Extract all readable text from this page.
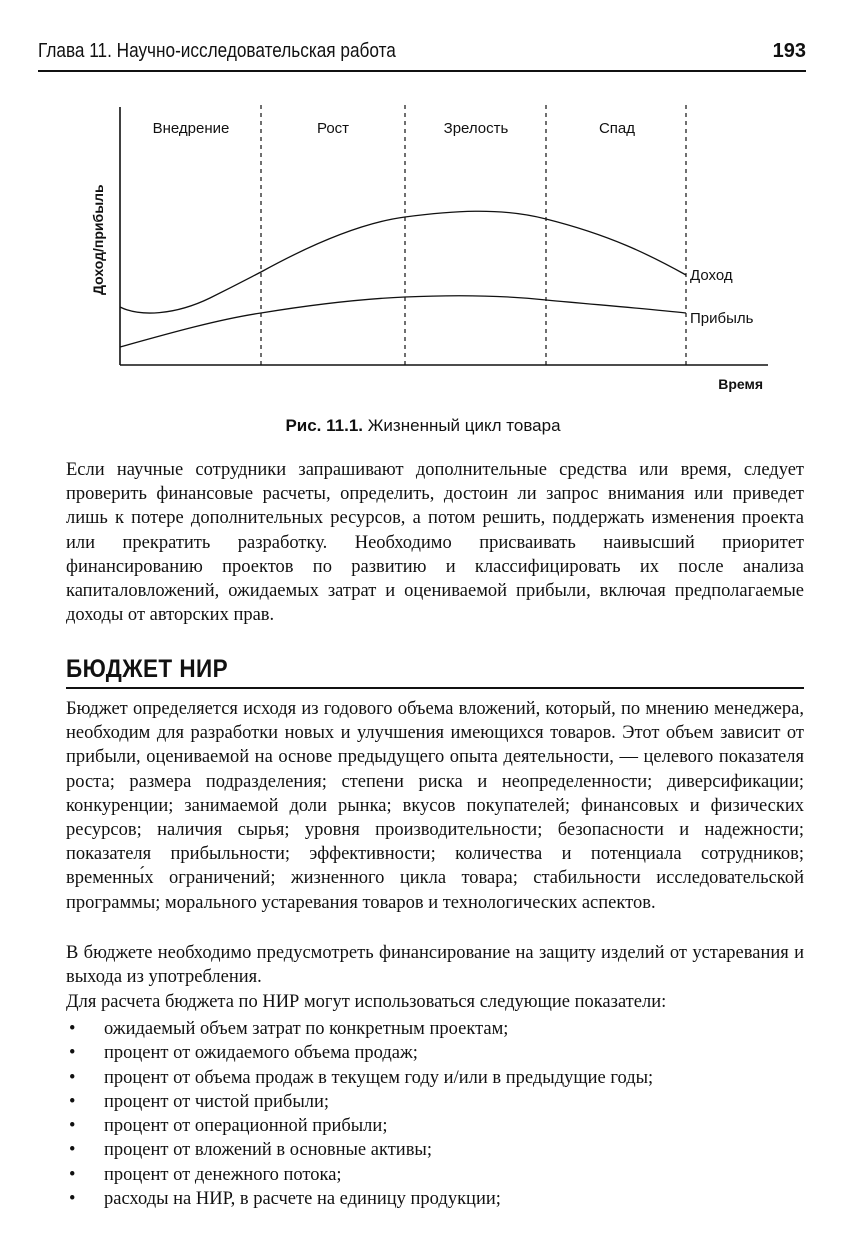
Глава 11. Научно-исследовательская работа	193
Внедрение	Рост	Зрелость	Спад
Доход
Прибыль
Доход/прибыль
Время
Рис. 11.1. Жизненный цикл товара

Если научные сотрудники запрашивают дополнительные средства или время, следует проверить финансовые расчеты, определить, достоин ли запрос внимания или приведет лишь к потере дополнительных ресурсов, а потом решить, поддержать изменения проекта или прекратить разработку. Необходимо присваивать наивысший приоритет финансированию проектов по развитию и классифицировать их после анализа капиталовложений, ожидаемых затрат и оцениваемой прибыли, включая предполагаемые доходы от авторских прав.

БЮДЖЕТ НИР

Бюджет определяется исходя из годового объема вложений, который, по мнению менеджера, необходим для разработки новых и улучшения имеющихся товаров. Этот объем зависит от прибыли, оцениваемой на основе предыдущего опыта деятельности, — целевого показателя роста; размера подразделения; степени риска и неопределенности; диверсификации; конкуренции; занимаемой доли рынка; вкусов покупателей; финансовых и физических ресурсов; наличия сырья; уровня производительности; безопасности и надежности; показателя прибыльности; эффективности; количества и потенциала сотрудников; временны́х ограничений; жизненного цикла товара; стабильности исследовательской программы; морального устаревания товаров и технологических аспектов.

В бюджете необходимо предусмотреть финансирование на защиту изделий от устаревания и выхода из употребления.

Для расчета бюджета по НИР могут использоваться следующие показатели:

• ожидаемый объем затрат по конкретным проектам;
• процент от ожидаемого объема продаж;
• процент от объема продаж в текущем году и/или в предыдущие годы;
• процент от чистой прибыли;
• процент от операционной прибыли;
• процент от вложений в основные активы;
• процент от денежного потока;
• расходы на НИР, в расчете на единицу продукции;
